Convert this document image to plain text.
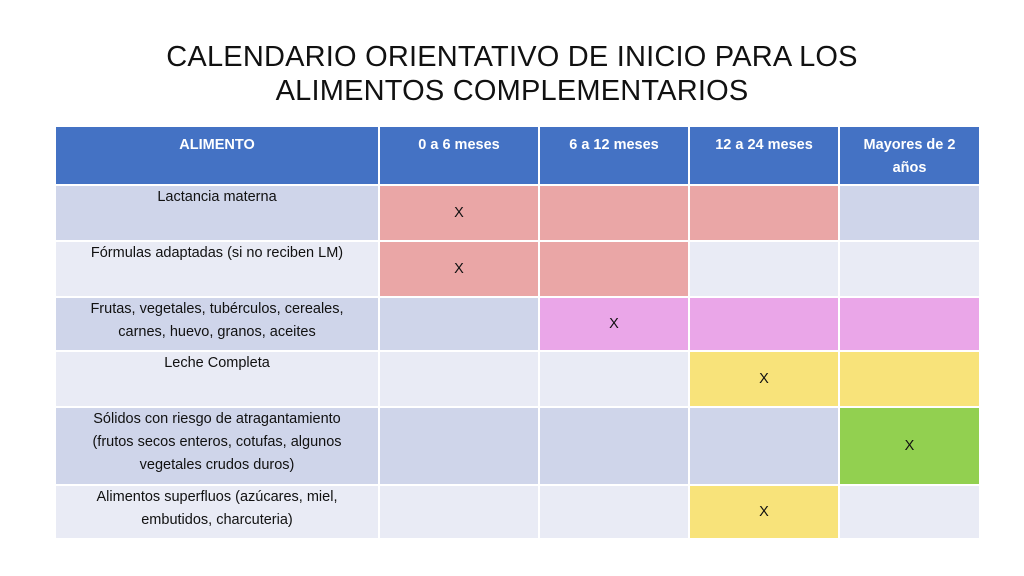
CALENDARIO ORIENTATIVO DE INICIO PARA LOS
ALIMENTOS COMPLEMENTARIOS
ALIMENTO	0 a 6 meses	6 a 12 meses	12 a 24 meses	Mayores de 2 años

Lactancia materna	X			
Fórmulas adaptadas (si no reciben LM)	X			

Frutas, vegetales, tubérculos, cereales,
carnes, huevo, granos, aceites		X		
Leche Completa			X	

Sólidos con riesgo de atragantamiento
(frutos secos enteros, cotufas, algunos
vegetales crudos duros)				X

Alimentos superfluos (azúcares, miel,
embutidos, charcuteria)			X	
